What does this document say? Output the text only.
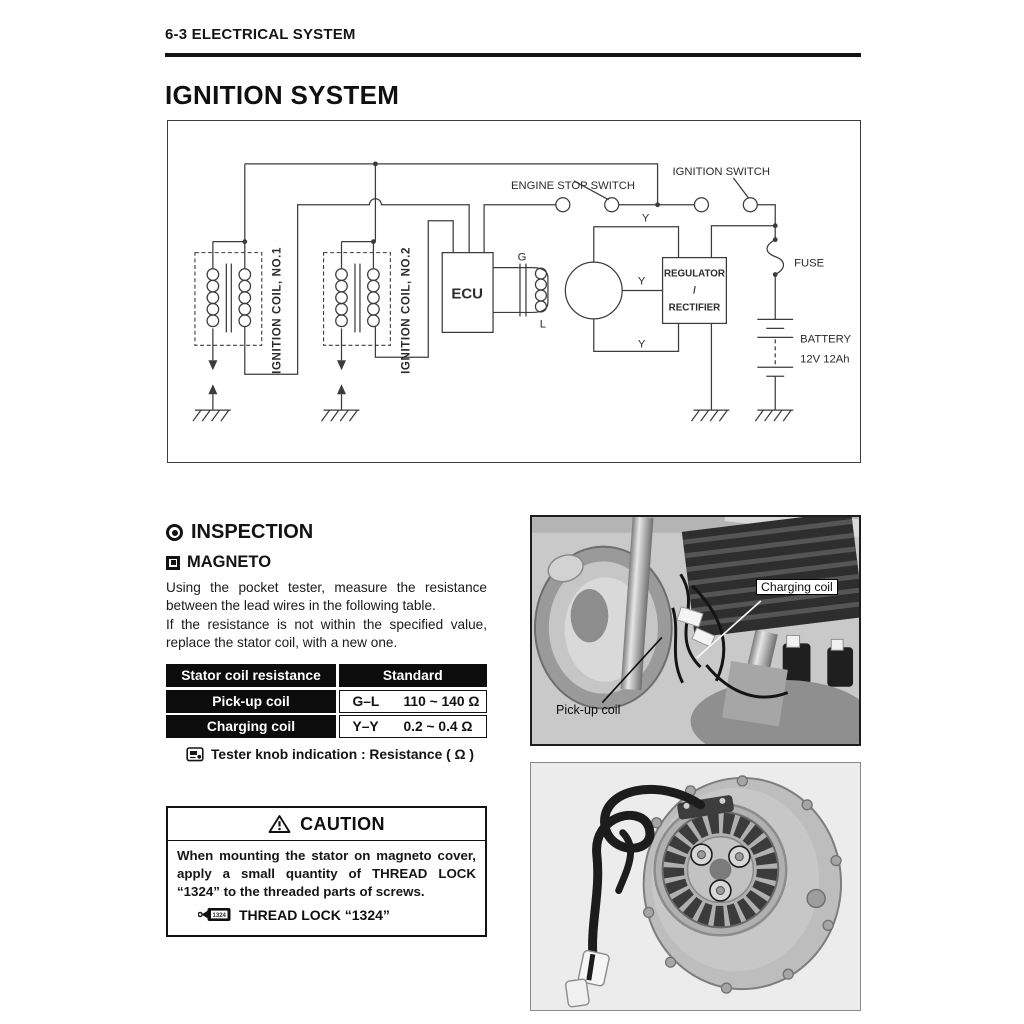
6-3 ELECTRICAL SYSTEM
IGNITION SYSTEM
ENGINE STOP SWITCH
IGNITION SWITCH
IGNITION COIL, NO.1	IGNITION COIL, NO.2	ECU
G
L
Y
Y
Y
REGULATOR
/
RECTIFIER
FUSE
BATTERY
12V 12Ah
INSPECTION
MAGNETO

Using the pocket tester, measure the resistance between the lead wires in the following table.

If the resistance is not within the specified value, replace the stator coil, with a new one.

Stator coil resistance	Standard
Pick-up coil	G–L	110 ~ 140 Ω
Charging coil	Y–Y	0.2 ~ 0.4 Ω
Tester knob indication : Resistance ( Ω )
CAUTION
When mounting the stator on magneto cover, apply a small quantity of THREAD LOCK “1324” to the threaded parts of screws.
1324 THREAD LOCK “1324”
Charging coil
Pick-up coil
